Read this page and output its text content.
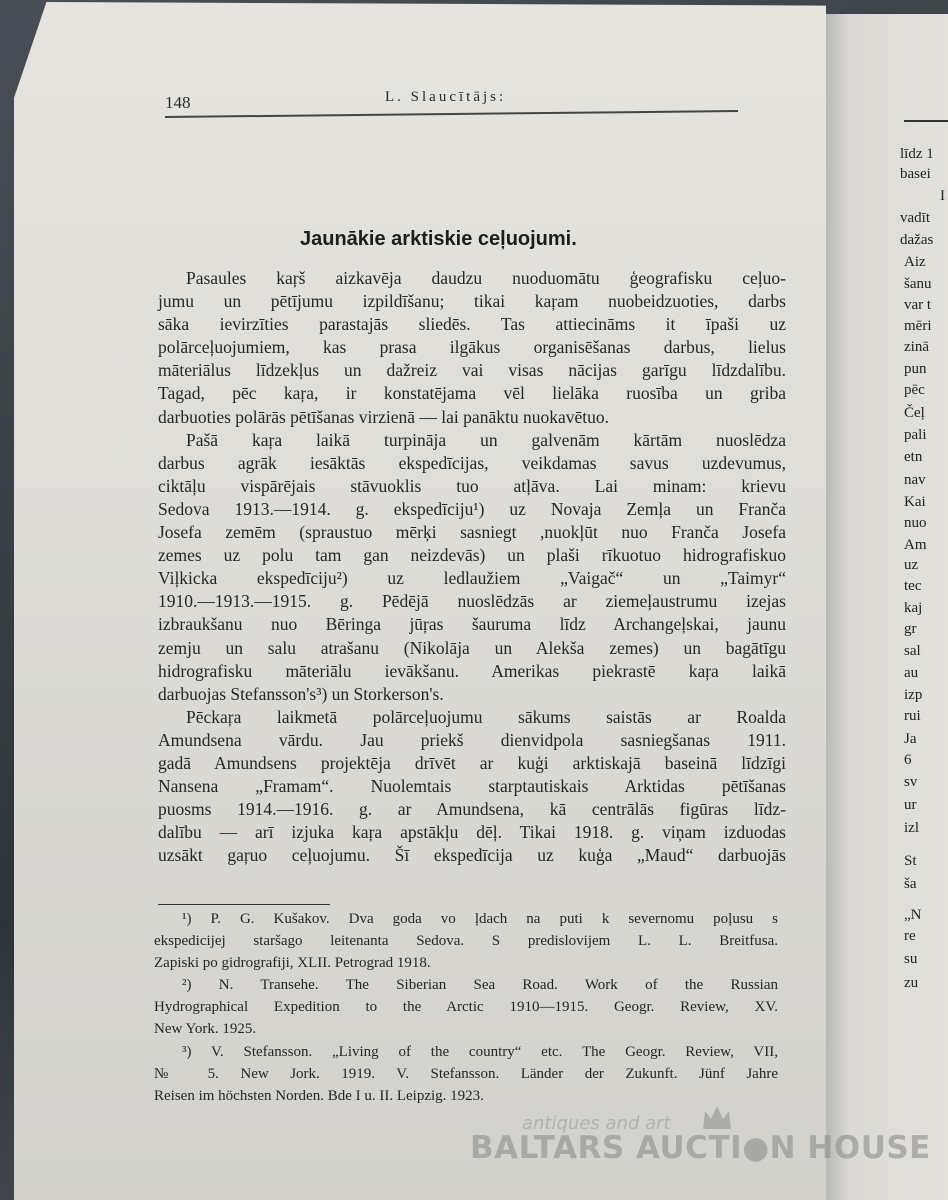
līdz 1
basei
I
vadīt
dažas
Aiz
šanu
var t
mēri
zinā
pun
pēc
Čeļ
pali
etn
nav
Kai
nuo
Am
uz
tec
kaj
gr
sal
au
izp
rui
Ja
6
sv
ur
izl
St
ša
„N
re
su
zu
148	L. Slaucītājs:
Jaunākie arktiskie ceļuojumi.
Pasaules kaŗš aizkavēja daudzu nuoduomātu ģeografisku ceļuo-
jumu un pētījumu izpildīšanu; tikai kaŗam nuobeidzuoties, darbs
sāka ievirzīties parastajās sliedēs. Tas attiecināms it īpaši uz
polārceļuojumiem, kas prasa ilgākus organisēšanas darbus, lielus
māteriālus līdzekļus un dažreiz vai visas nācijas garīgu līdzdalību.
Tagad, pēc kaŗa, ir konstatējama vēl lielāka ruosība un griba
darbuoties polārās pētīšanas virzienā — lai panāktu nuokavētuo.
Pašā kaŗa laikā turpināja un galvenām kārtām nuoslēdza
darbus agrāk iesāktās ekspedīcijas, veikdamas savus uzdevumus,
ciktāļu vispārējais stāvuoklis tuo atļāva. Lai minam: krievu
Sedova 1913.—1914. g. ekspedīciju¹) uz Novaja Zemļa un Franča
Josefa zemēm (sprauѕtuo mērķi sasniegt ,nuokļūt nuo Franča Josefa
zemes uz polu tam gan neizdevās) un plaši rīkuotuo hidrografiskuo
Viļkicka ekspedīciju²) uz ledlaužiem „Vaigač“ un „Taimyr“
1910.—1913.—1915. g. Pēdējā nuoslēdzās ar ziemeļaustrumu izejas
izbraukšanu nuo Bēringa jūŗas šauruma līdz Archangeļskai, jaunu
zemju un salu atrašanu (Nikolāja un Alekša zemes) un bagātīgu
hidrografisku māteriālu ievākšanu. Amerikas piekrastē kaŗa laikā
darbuojas Stefansson's³) un Storkerson's.
Pēckaŗa laikmetā polārceļuojumu sākums saistās ar Roalda
Amundsena vārdu. Jau priekš dienvidpola sasniegšanas 1911.
gadā Amundsens projektēja drīvēt ar kuģi arktiskajā baseinā līdzīgi
Nansena „Framam“. Nuolemtais starptautiskais Arktidas pētīšanas
puosms 1914.—1916. g. ar Amundsena, kā centrālās figūras līdz-
dalību — arī izjuka kaŗa apstākļu dēļ. Tikai 1918. g. viņam izduodas
uzsākt gaŗuo ceļuojumu. Šī ekspedīcija uz kuģa „Maud“ darbuojās
¹) P. G. Kušakov. Dva goda vo ļdach na puti k severnomu poļusu s
ekspedicijej staršago leitenanta Sedova. S predislovijem L. L. Breitfusa.
Zapiski po gidrografiji, XLII. Petrograd 1918.
²) N. Transehe. The Siberian Sea Road. Work of the Russian
Hydrographical Expedition to the Arctic 1910—1915. Geogr. Review, XV.
New York. 1925.
³) V. Stefansson. „Living of the country“ etc. The Geogr. Review, VII,
№ 5. New Jork. 1919. V. Stefansson. Länder der Zukunft. Jünf Jahre
Reisen im höchsten Norden. Bde I u. II. Leipzig. 1923.
antiques and art
BALTARS AUCTI●N HOUSE
